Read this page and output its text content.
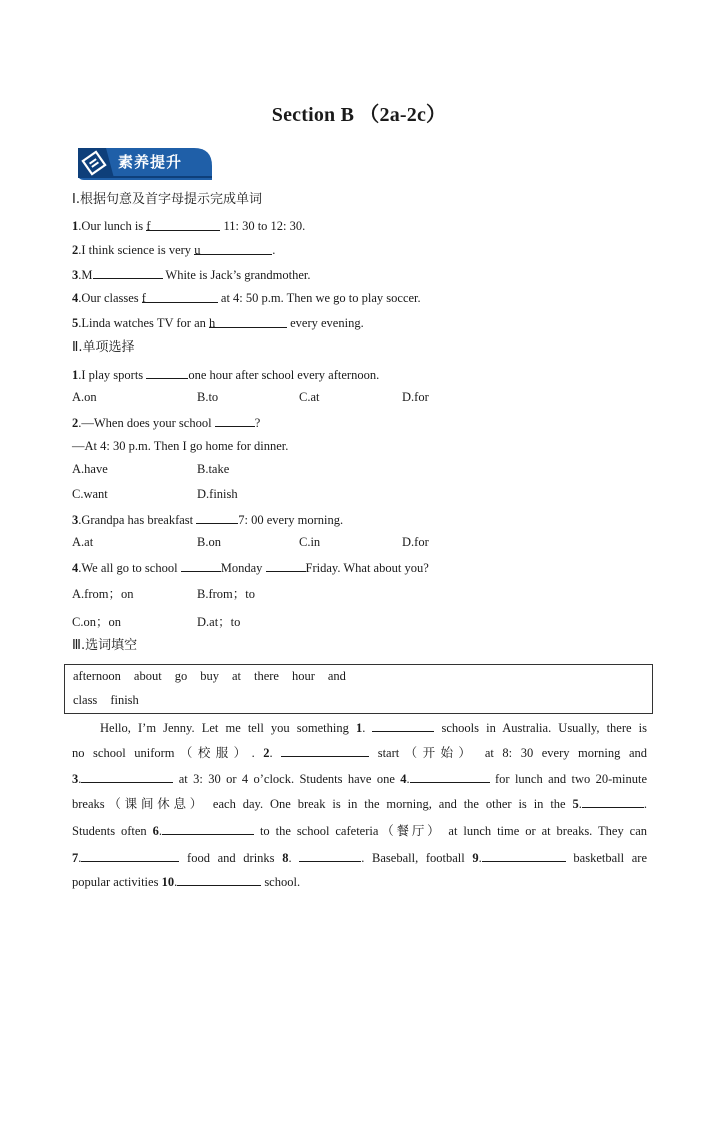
Section B （2a-2c）
素养提升
Ⅰ.根据句意及首字母提示完成单词
1.Our lunch is f	11: 30 to 12: 30.
2.I think science is very u	.
3.M	White is Jack’s grandmother.
4.Our classes f	at 4: 50 p.m. Then we go to play soccer.
5.Linda watches TV for an h	every evening.
Ⅱ.单项选择
1.I play sports	one hour after school every afternoon.
A.on	B.to	C.at	D.for
2.—When does your school	?
—At 4: 30 p.m. Then I go home for dinner.
A.have	B.take
C.want	D.finish
3.Grandpa has breakfast	7: 00 every morning.
A.at	B.on	C.in	D.for
4.We all go to school	Monday	Friday. What about you?
A.from；on	B.from；to
C.on；on	D.at；to
Ⅲ.选词填空
afternoon about go buy at there hour and
class finish
Hello, I’m Jenny. Let me tell you something 1.	schools in Australia. Usually, there is
no school uniform（校服）. 2.	start（开始） at 8: 30 every morning and
3.	at 3: 30 or 4 o’clock. Students have one 4.	for lunch and two 20-minute
breaks（课间休息） each day. One break is in the morning, and the other is in the 5.	.
Students often 6.	to the school cafeteria（餐厅） at lunch time or at breaks. They can
7.	food and drinks 8.	. Baseball, football 9.	basketball are
popular activities 10.	school.
